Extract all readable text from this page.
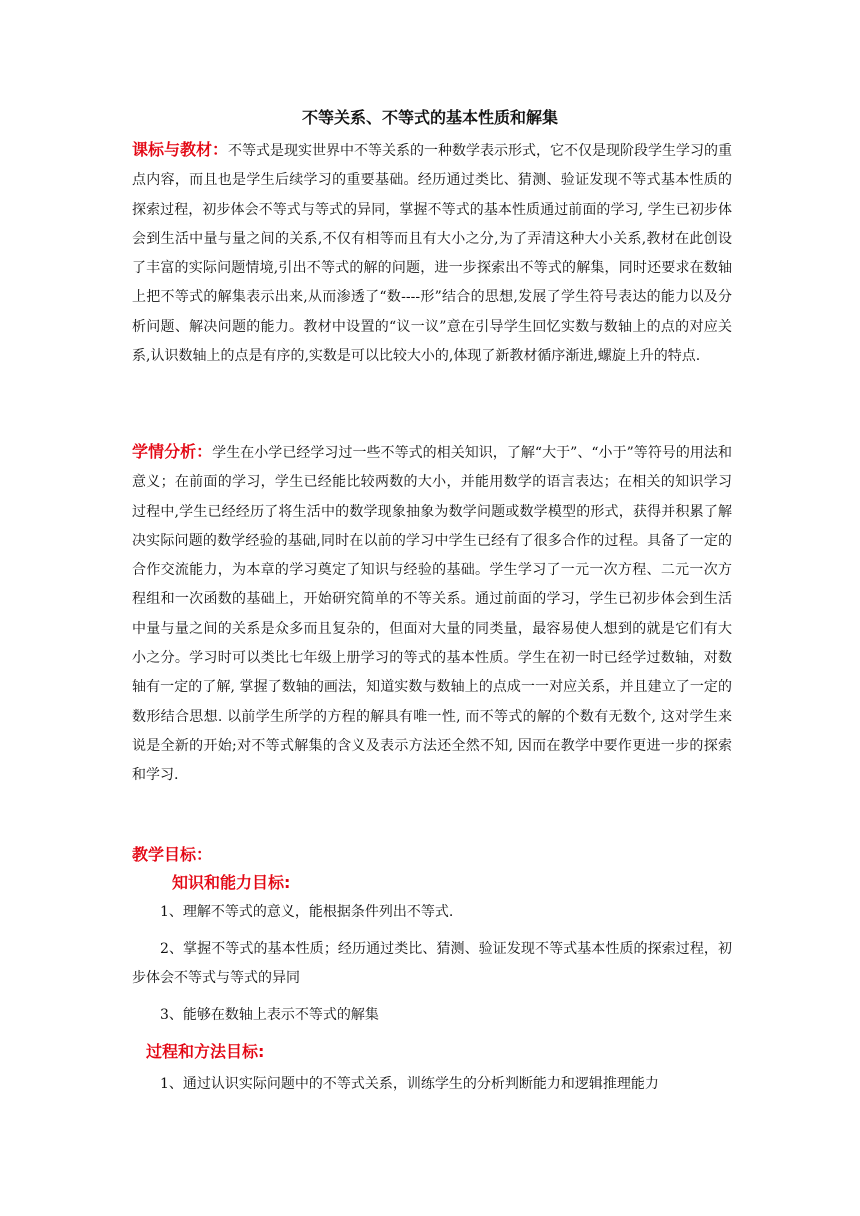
不等关系、不等式的基本性质和解集
课标与教材：不等式是现实世界中不等关系的一种数学表示形式，它不仅是现阶段学生学习的重点内容，而且也是学生后续学习的重要基础。经历通过类比、猜测、验证发现不等式基本性质的探索过程，初步体会不等式与等式的异同，掌握不等式的基本性质通过前面的学习, 学生已初步体会到生活中量与量之间的关系,不仅有相等而且有大小之分,为了弄清这种大小关系,教材在此创设了丰富的实际问题情境,引出不等式的解的问题，进一步探索出不等式的解集，同时还要求在数轴上把不等式的解集表示出来,从而渗透了“数----形”结合的思想,发展了学生符号表达的能力以及分析问题、解决问题的能力。教材中设置的“议一议”意在引导学生回忆实数与数轴上的点的对应关系,认识数轴上的点是有序的,实数是可以比较大小的,体现了新教材循序渐进,螺旋上升的特点.
学情分析：学生在小学已经学习过一些不等式的相关知识，了解“大于”、“小于”等符号的用法和意义；在前面的学习，学生已经能比较两数的大小，并能用数学的语言表达；在相关的知识学习过程中,学生已经经历了将生活中的数学现象抽象为数学问题或数学模型的形式，获得并积累了解决实际问题的数学经验的基础,同时在以前的学习中学生已经有了很多合作的过程。具备了一定的合作交流能力，为本章的学习奠定了知识与经验的基础。学生学习了一元一次方程、二元一次方程组和一次函数的基础上，开始研究简单的不等关系。通过前面的学习，学生已初步体会到生活中量与量之间的关系是众多而且复杂的，但面对大量的同类量，最容易使人想到的就是它们有大小之分。学习时可以类比七年级上册学习的等式的基本性质。学生在初一时已经学过数轴，对数轴有一定的了解, 掌握了数轴的画法，知道实数与数轴上的点成一一对应关系，并且建立了一定的数形结合思想. 以前学生所学的方程的解具有唯一性, 而不等式的解的个数有无数个, 这对学生来说是全新的开始;对不等式解集的含义及表示方法还全然不知, 因而在教学中要作更进一步的探索和学习.
教学目标：
知识和能力目标:
1、理解不等式的意义，能根据条件列出不等式.
2、掌握不等式的基本性质；经历通过类比、猜测、验证发现不等式基本性质的探索过程，初步体会不等式与等式的异同
3、能够在数轴上表示不等式的解集
过程和方法目标:
1、通过认识实际问题中的不等式关系，训练学生的分析判断能力和逻辑推理能力
